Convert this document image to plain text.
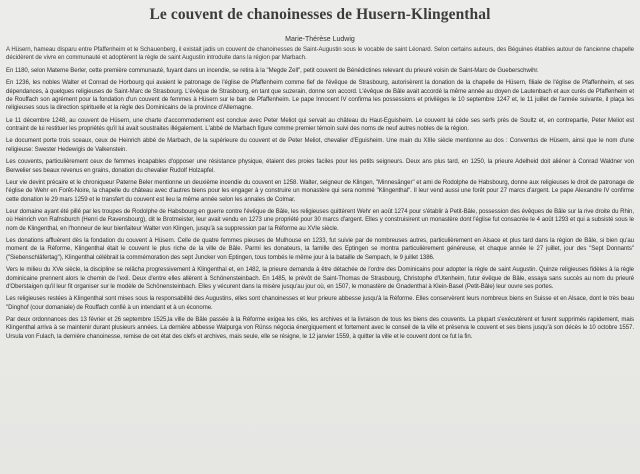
Le couvent de chanoinesses de Husern-Klingenthal
Marie-Thérèse Ludwig

A Hüsern, hameau disparu entre Pfaffenheim et le Schauenberg, il existait jadis un couvent de chanoinesses de Saint-Augustin sous le vocable de saint Léonard. Selon certains auteurs, des Béguines établies autour de l'ancienne chapelle décidèrent de vivre en communauté et adoptèrent la règle de saint Augustin introduite dans la région par Marbach.

En 1180, selon Materne Berler, cette première communauté, fuyant dans un incendie, se retira à la "Megde Zell", petit couvent de Bénédictines relevant du prieuré voisin de Saint-Marc de Gueberschwihr.

En 1236, les nobles Walter et Conrad de Horbourg qui avaient le patronage de l'église de Pfaffenheim comme fief de l'évêque de Strasbourg, autorisèrent la donation de la chapelle de Hüsern, filiale de l'église de Pfaffenheim, et ses dépendances, à quelques religieuses de Saint-Marc de Strasbourg. L'évêque de Strasbourg, en tant que suzerain, donne son accord. L'évêque de Bâle avait accordé la même année au doyen de Lautenbach et aux curés de Pfaffenheim et de Rouffach son agrément pour la fondation d'un couvent de femmes à Hüsern sur le ban de Pfaffenheim. Le pape Innocent IV confirma les possessions et privilèges le 10 septembre 1247 et, le 11 juillet de l'année suivante, il plaça les religieuses sous la direction spirituelle et la règle des Dominicains de la province d'Allemagne.

Le 11 décembre 1248, au couvent de Hüsern, une charte d'accommodement est conclue avec Peter Meliot qui servait au château du Haut-Eguisheim. Le couvent lui céde ses serfs près de Soultz et, en contrepartie, Peter Meliot est contraint de lui restituer les propriétés qu'il lui avait soustraites illégalement. L'abbé de Marbach figure comme premier témoin suivi des noms de neuf autres nobles de la région.

Le document porte trois sceaux, ceux de Heinrich abbé de Marbach, de la supérieure du couvent et de Peter Meliot, chevalier d'Eguisheim. Une main du XIIIe siècle mentionne au dos : Conventus de Hüsern, ainsi que le nom d'une religieuse: Swester Hedewigis de Valkenstein.

Les couvents, particulièrement ceux de femmes incapables d'opposer une résistance physique, étaient des proies faciles pour les petits seigneurs. Deux ans plus tard, en 1250, la prieure Adelheid doit aliéner à Conrad Waldner von Berwelier ses beaux revenus en grains, donation du chevalier Rudolf Holzapfel.

Leur vie devint précaire et le chroniqueur Paterne Beler mentionne un deuxième incendie du couvent en 1258. Walter, seigneur de Klingen, "Minnesänger" et ami de Rodolphe de Habsbourg, donne aux religieuses le droit de patronage de l'église de Wehr en Forêt-Noire, la chapelle du château avec d'autres biens pour les engager à y construire un monastère qui sera nommé "Klingenthal". Il leur vend aussi une forêt pour 27 marcs d'argent. Le pape Alexandre IV confirme cette donation le 29 mars 1259 et le transfert du couvent est lieu la même année selon les annales de Colmar.

Leur domaine ayant été pillé par les troupes de Rodolphe de Habsbourg en guerre contre l'évêque de Bâle, les religieuses quittèrent Wehr en août 1274 pour s'établir à Petit-Bâle, possession des évêques de Bâle sur la rive droite du Rhin, où Heinrich von Rafnsburch (Henri de Ravensbourg), dit le Brotmeister, leur avait vendu en 1273 une propriété pour 30 marcs d'argent. Elles y construisirent un monastère dont l'église fut consacrée le 4 août 1293 et qui a subsisté sous le nom de Klingenthal, en l'honneur de leur bienfaiteur Walter von Klingen, jusqu'à sa suppression par la Réforme au XVIe siècle.

Les donations affluèrent dès la fondation du couvent à Hüsern. Celle de quatre femmes pieuses de Mulhouse en 1233, fut suivie par de nombreuses autres, particulièrement en Alsace et plus tard dans la région de Bâle, si bien qu'au moment de la Réforme, Klingenthal était le couvent le plus riche de la ville de Bâle. Parmi les donateurs, la famille des Eptingen se montra particulièrement généreuse, et chaque année le 27 juillet, jour des "Sept Donnants" ("Siebenschläfertag"), Klingenthal célébrait la commémoration des sept Juncker von Eptingen, tous tombés le même jour à la bataille de Sempach, le 9 juillet 1386.

Vers le milieu du XVe siècle, la discipline se relâcha progressivement à Klingenthal et, en 1482, la prieure demanda à être détachée de l'ordre des Dominicains pour adopter la règle de saint Augustin. Quinze religieuses fidèles à la règle dominicaine prennent alors le chemin de l'exil. Deux d'entre elles allèrent à Schönensteinbach. En 1485, le prévôt de Saint-Thomas de Strasbourg, Christophe d'Utenheim, futur évêque de Bâle, essaya sans succès au nom du prieuré d'Oberstaigen qu'il leur fit organiser sur le modèle de Schönensteinbach. Elles y vécurent dans la misère jusqu'au jour où, en 1507, le monastère de Gnadenthal à Klein-Basel (Petit-Bâle) leur ouvre ses portes.

Les religieuses restées à Klingenthal sont mises sous la responsabilité des Augustins, elles sont chanoinesses et leur prieure abbesse jusqu'à la Réforme. Elles conservèrent leurs nombreux biens en Suisse et en Alsace, dont le très beau "Dinghof (cour domaniale) de Rouffach confié à un intendant et à un économe.

Par deux ordonnances des 13 février et 26 septembre 1525,la ville de Bâle passée à la Réforme exigea les clés, les archives et la livraison de tous les biens des couvents. La plupart s'exécutèrent et furent supprimés rapidement, mais Klingenthal arriva à se maintenir durant plusieurs années. La dernière abbesse Walpurga von Rünss négocia énergiquement et fortement avec le conseil de la ville et préserva le couvent et ses biens jusqu'à son décès le 10 octobre 1557. Ursula von Fulach, la dernière chanoinesse, remise de cet état des clefs et archives, mais seule, elle se résigne, le 12 janvier 1559, à quitter la ville et le couvent dont ce fut la fin.
